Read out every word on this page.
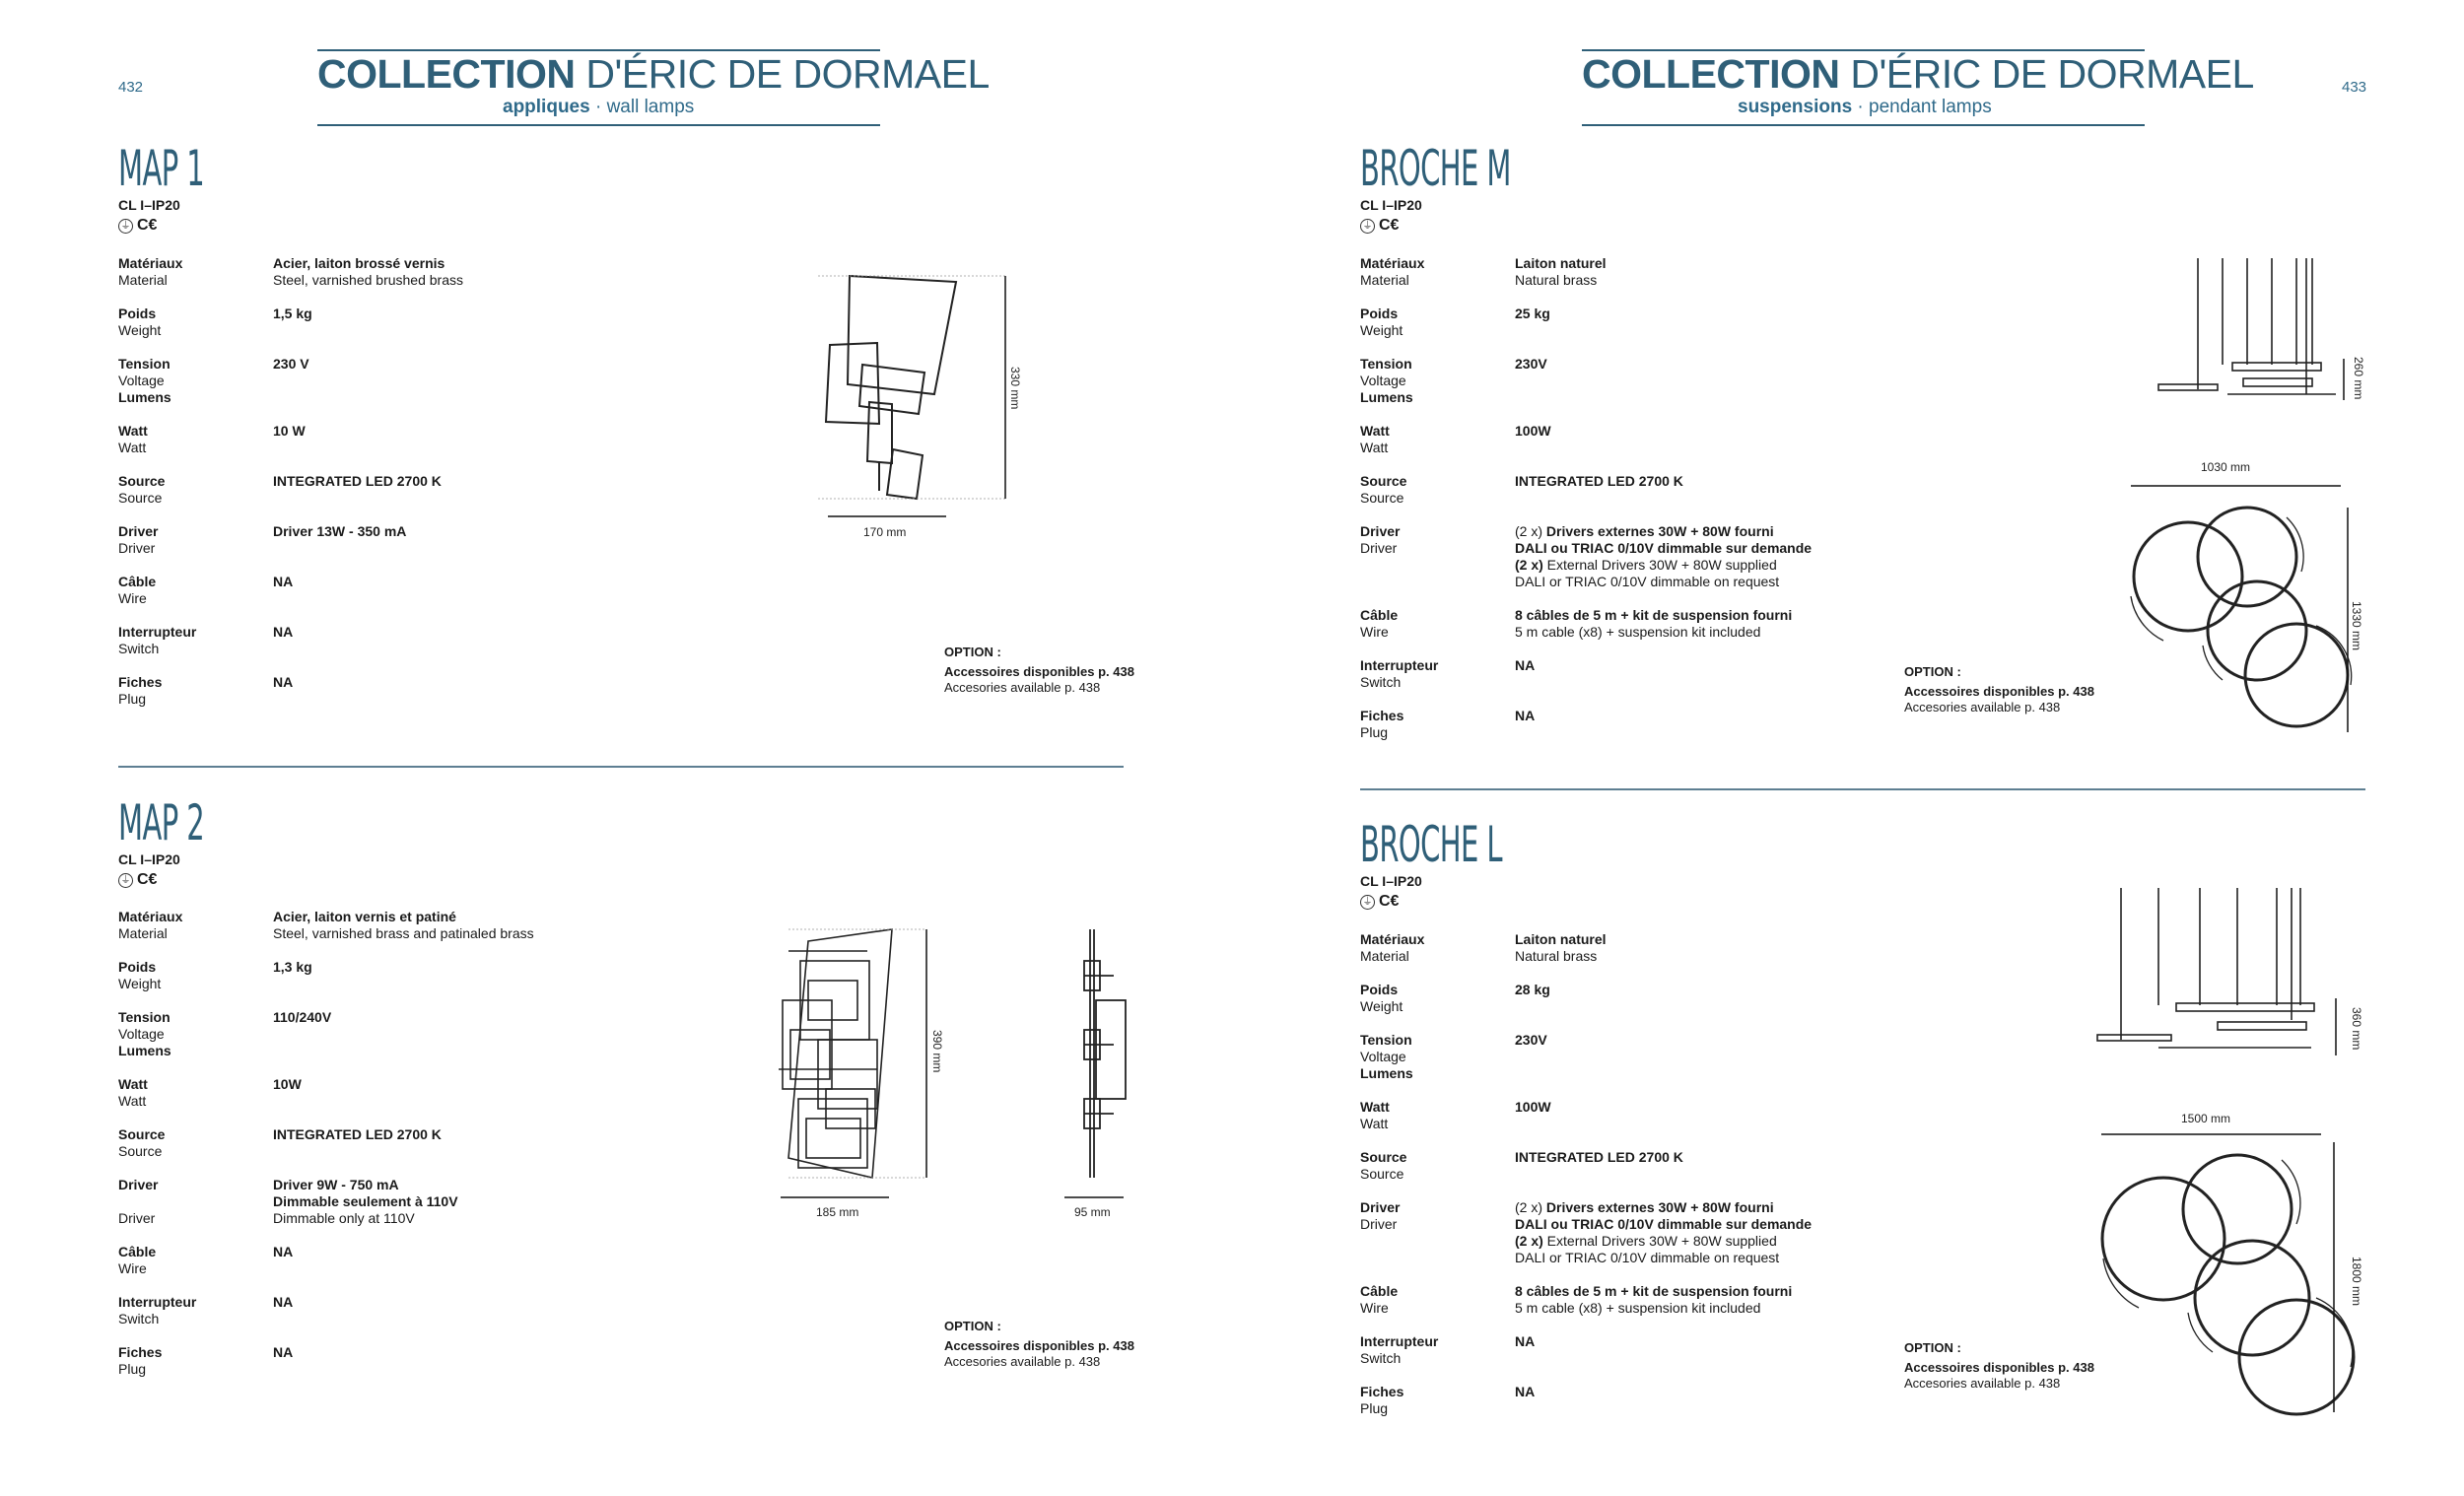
432	COLLECTION D'ÉRIC DE DORMAEL
appliques · wall lamps
433
COLLECTION D'ÉRIC DE DORMAEL
suspensions · pendant lamps
MAP 1
CL I–IP20
⏚ C€
Matériaux
Material
Acier, laiton brossé vernis
Steel, varnished brushed brass
Poids
Weight
1,5 kg
Tension
Voltage
Lumens
230 V
Watt
Watt
10 W
Source
Source
INTEGRATED LED 2700 K
Driver
Driver
Driver 13W - 350 mA
Câble
Wire
NA
Interrupteur
Switch
NA
Fiches
Plug
NA
OPTION :
Accessoires disponibles p. 438
Accesories available p. 438
330 mm
170 mm
MAP 2
CL I–IP20
⏚ C€
Matériaux
Material
Acier, laiton vernis et patiné
Steel, varnished brass and patinaled brass
Poids
Weight
1,3 kg
Tension
Voltage
Lumens
110/240V
Watt
Watt
10W
Source
Source
INTEGRATED LED 2700 K
Driver
Driver
Driver 9W - 750 mA
Dimmable seulement à 110V
Dimmable only at 110V
Câble
Wire
NA
Interrupteur
Switch
NA
Fiches
Plug
NA
OPTION :
Accessoires disponibles p. 438
Accesories available p. 438
390 mm
185 mm	95 mm
BROCHE M
CL I–IP20
⏚ C€
Matériaux
Material
Laiton naturel
Natural brass
Poids
Weight
25 kg
Tension
Voltage
Lumens
230V
Watt
Watt
100W
Source
Source
INTEGRATED LED 2700 K
Driver
Driver
(2 x) Drivers externes 30W + 80W fourni
DALI ou TRIAC 0/10V dimmable sur demande
(2 x) External Drivers 30W + 80W supplied
DALI or TRIAC 0/10V dimmable on request
Câble
Wire
8 câbles de 5 m + kit de suspension fourni
5 m cable (x8) + suspension kit included
Interrupteur
Switch
NA
Fiches
Plug
NA
OPTION :
Accessoires disponibles p. 438
Accesories available p. 438
260 mm
1030 mm
1330 mm
BROCHE L
CL I–IP20
⏚ C€
Matériaux
Material
Laiton naturel
Natural brass
Poids
Weight
28 kg
Tension
Voltage
Lumens
230V
Watt
Watt
100W
Source
Source
INTEGRATED LED 2700 K
Driver
Driver
(2 x) Drivers externes 30W + 80W fourni
DALI ou TRIAC 0/10V dimmable sur demande
(2 x) External Drivers 30W + 80W supplied
DALI or TRIAC 0/10V dimmable on request
Câble
Wire
8 câbles de 5 m + kit de suspension fourni
5 m cable (x8) + suspension kit included
Interrupteur
Switch
NA
Fiches
Plug
NA
OPTION :
Accessoires disponibles p. 438
Accesories available p. 438
360 mm
1500 mm
1800 mm
